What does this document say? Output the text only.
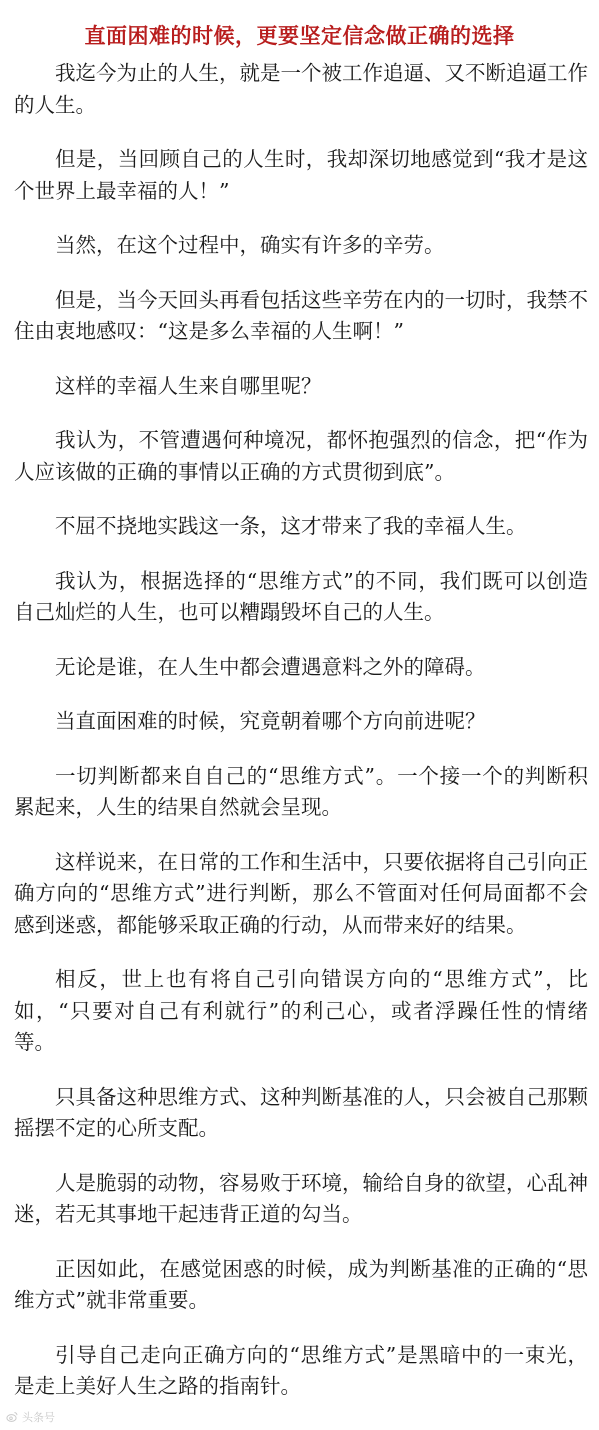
直面困难的时候，更要坚定信念做正确的选择

我迄今为止的人生，就是一个被工作追逼、又不断追逼工作的人生。

但是，当回顾自己的人生时，我却深切地感觉到“我才是这个世界上最幸福的人！”

当然，在这个过程中，确实有许多的辛劳。

但是，当今天回头再看包括这些辛劳在内的一切时，我禁不住由衷地感叹：“这是多么幸福的人生啊！”

这样的幸福人生来自哪里呢？

我认为，不管遭遇何种境况，都怀抱强烈的信念，把“作为人应该做的正确的事情以正确的方式贯彻到底”。

不屈不挠地实践这一条，这才带来了我的幸福人生。

我认为，根据选择的“思维方式”的不同，我们既可以创造自己灿烂的人生，也可以糟蹋毁坏自己的人生。

无论是谁，在人生中都会遭遇意料之外的障碍。

当直面困难的时候，究竟朝着哪个方向前进呢？

一切判断都来自自己的“思维方式”。一个接一个的判断积累起来，人生的结果自然就会呈现。

这样说来，在日常的工作和生活中，只要依据将自己引向正确方向的“思维方式”进行判断，那么不管面对任何局面都不会感到迷惑，都能够采取正确的行动，从而带来好的结果。

相反，世上也有将自己引向错误方向的“思维方式”，比如，“只要对自己有利就行”的利己心，或者浮躁任性的情绪等。

只具备这种思维方式、这种判断基准的人，只会被自己那颗摇摆不定的心所支配。

人是脆弱的动物，容易败于环境，输给自身的欲望，心乱神迷，若无其事地干起违背正道的勾当。

正因如此，在感觉困惑的时候，成为判断基准的正确的“思维方式”就非常重要。

引导自己走向正确方向的“思维方式”是黑暗中的一束光，是走上美好人生之路的指南针。

头条号
